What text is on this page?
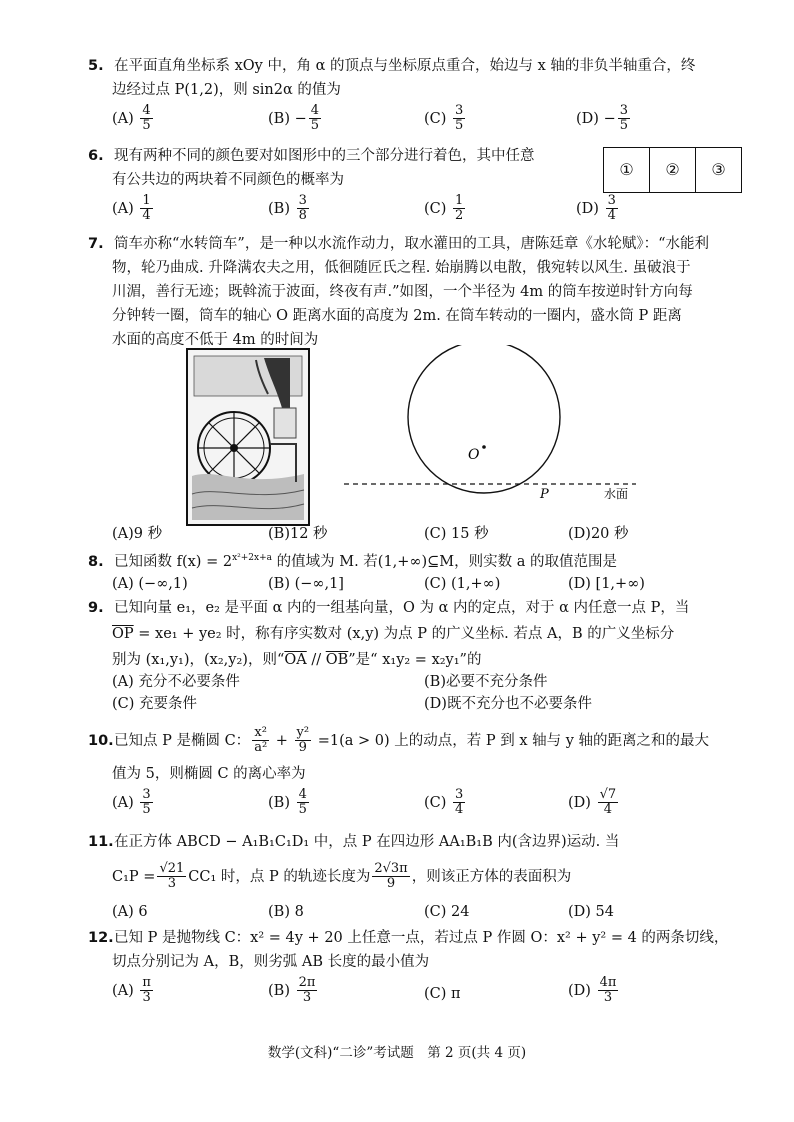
5. 在平面直角坐标系 xOy 中，角 α 的顶点与坐标原点重合，始边与 x 轴的非负半轴重合，终
边经过点 P(1,2)，则 sin2α 的值为
$(A) \frac{4}{5}$	$(B) - \frac{4}{5}$	$(C) \frac{3}{5}$	$(D) - \frac{3}{5}$
6. 现有两种不同的颜色要对如图形中的三个部分进行着色，其中任意
有公共边的两块着不同颜色的概率为
①	②	③
$(A) \frac{1}{4}$	$(B) \frac{3}{8}$	$(C) \frac{1}{2}$	$(D) \frac{3}{4}$
7. 筒车亦称“水转筒车”，是一种以水流作动力，取水灌田的工具，唐陈廷章《水轮赋》：“水能利
物，轮乃曲成. 升降满农夫之用，低徊随匠氏之程. 始崩腾以电散，俄宛转以风生. 虽破浪于
川湄，善行无迹；既斡流于波面，终夜有声.”如图，一个半径为 4m 的筒车按逆时针方向每
分钟转一圈，筒车的轴心 O 距离水面的高度为 2m. 在筒车转动的一圈内，盛水筒 P 距离
水面的高度不低于 4m 的时间为
O
P	水面
(A)9 秒	(B)12 秒	(C) 15 秒	(D)20 秒
8. 已知函数 $f(x) = 2^{x^2+2x+a}$ 的值域为 M. 若(1,+∞)⊆M，则实数 a 的取值范围是
(A) (−∞,1)	(B) (−∞,1]	(C) (1,+∞)	(D) [1,+∞)
9. 已知向量 e₁，e₂ 是平面 α 内的一组基向量，O 为 α 内的定点，对于 α 内任意一点 P，当
$\overline{OP} = xe_1 + ye_2$ 时，称有序实数对 (x,y) 为点 P 的广义坐标. 若点 A，B 的广义坐标分
别为 (x₁,y₁)，(x₂,y₂)，则“$\overline{OA} // \overline{OB}$”是“ x₁y₂ = x₂y₁”的
(A) 充分不必要条件	(B)必要不充分条件
(C) 充要条件	(D)既不充分也不必要条件
10.已知点 P 是椭圆 C： $\frac{\text{x²}}{\text{a²}} + \frac{\text{y²}}{9} =1(a > 0)$ 上的动点，若 P 到 x 轴与 y 轴的距离之和的最大
值为 5，则椭圆 C 的离心率为
$(A) \frac{3}{5}$	$(B) \frac{4}{5}$	$(C) \frac{3}{4}$	$(D) \frac{√7}{4}$
11.在正方体 ABCD − A₁B₁C₁D₁ 中，点 P 在四边形 AA₁B₁B 内(含边界)运动. 当
$C_1P = \frac{√21}{3} CC_1$ 时，点 P 的轨迹长度为 $\frac{2√3\pi}{9}$ ，则该正方体的表面积为
(A) 6	(B) 8	(C) 24	(D) 54
12.已知 P 是抛物线 C：x² = 4y + 20 上任意一点，若过点 P 作圆 O：x² + y² = 4 的两条切线，
切点分别记为 A，B，则劣弧 AB 长度的最小值为
$(A) \frac{\pi}{3}$	$(B) \frac{2\pi}{3}$	(C) π	$(D) \frac{4\pi}{3}$
数学(文科)“二诊”考试题　第 2 页(共 4 页)
